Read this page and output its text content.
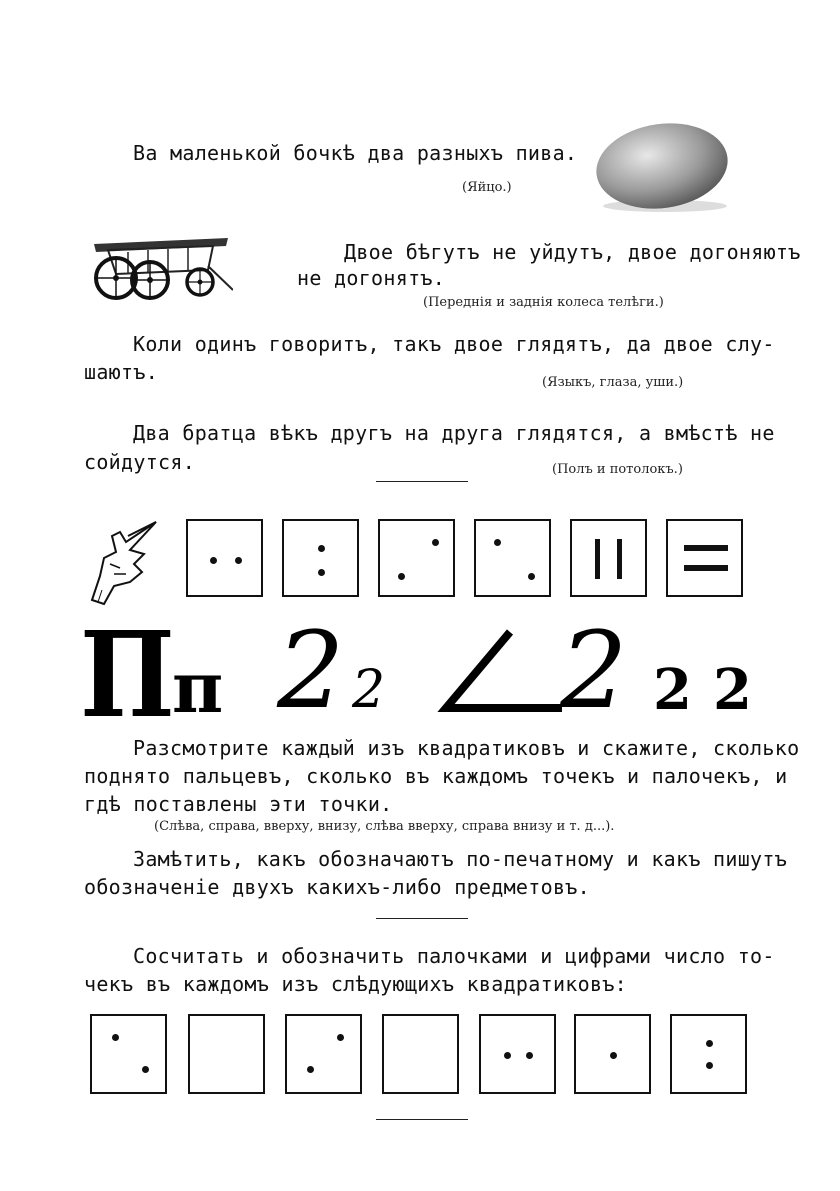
Ва маленькой бочкѣ два разныхъ пива.
(Яйцо.)
Двое бѣгутъ не уйдутъ, двое догоняютъ
не догонятъ.
(Переднія и заднія колеса телѣги.)
Коли одинъ говоритъ, такъ двое глядятъ, да двое слу-
шаютъ.	(Языкъ, глаза, уши.)
Два братца вѣкъ другъ на друга глядятся, а вмѣстѣ не
сойдутся.	(Полъ и потолокъ.)
П
п 2 2 2 2 2
Разсмотрите каждый изъ квадратиковъ и скажите, сколько
поднято пальцевъ, сколько въ каждомъ точекъ и палочекъ, и
гдѣ поставлены эти точки.
(Слѣва, справа, вверху, внизу, слѣва вверху, справа внизу и т. д...).
Замѣтить, какъ обозначаютъ по-печатному и какъ пишутъ
обозначеніе двухъ какихъ-либо предметовъ.
Сосчитать и обозначить палочками и цифрами число то-
чекъ въ каждомъ изъ слѣдующихъ квадратиковъ:
